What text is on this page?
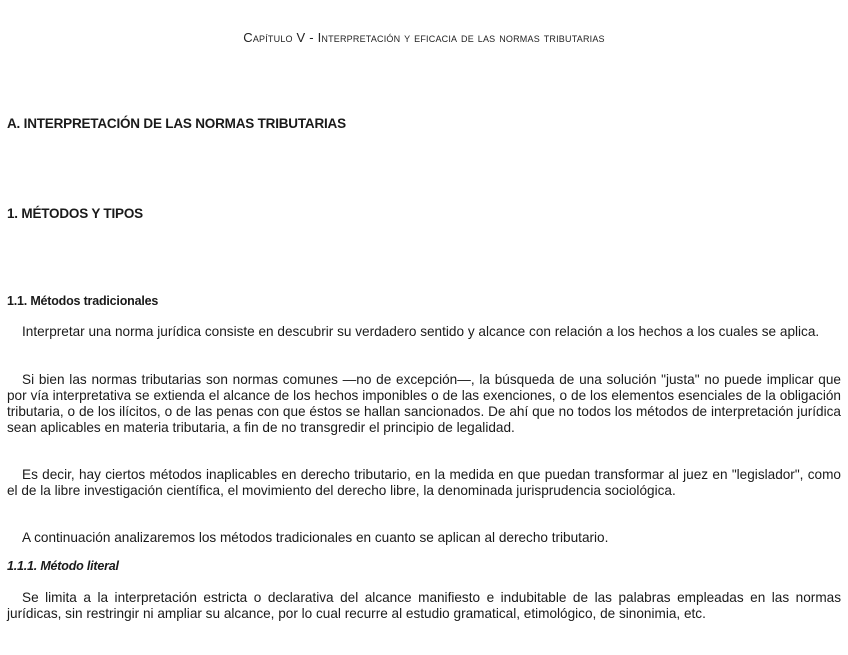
Capítulo V - Interpretación y eficacia de las normas tributarias
A. INTERPRETACIÓN DE LAS NORMAS TRIBUTARIAS
1. MÉTODOS Y TIPOS
1.1. Métodos tradicionales

Interpretar una norma jurídica consiste en descubrir su verdadero sentido y alcance con relación a los hechos a los cuales se aplica.

Si bien las normas tributarias son normas comunes —no de excepción—, la búsqueda de una solución "justa" no puede implicar que por vía interpretativa se extienda el alcance de los hechos imponibles o de las exenciones, o de los elementos esenciales de la obligación tributaria, o de los ilícitos, o de las penas con que éstos se hallan sancionados. De ahí que no todos los métodos de interpretación jurídica sean aplicables en materia tributaria, a fin de no transgredir el principio de legalidad.

Es decir, hay ciertos métodos inaplicables en derecho tributario, en la medida en que puedan transformar al juez en "legislador", como el de la libre investigación científica, el movimiento del derecho libre, la denominada jurisprudencia sociológica.

A continuación analizaremos los métodos tradicionales en cuanto se aplican al derecho tributario.

1.1.1. Método literal

Se limita a la interpretación estricta o declarativa del alcance manifiesto e indubitable de las palabras empleadas en las normas jurídicas, sin restringir ni ampliar su alcance, por lo cual recurre al estudio gramatical, etimológico, de sinonimia, etc.
